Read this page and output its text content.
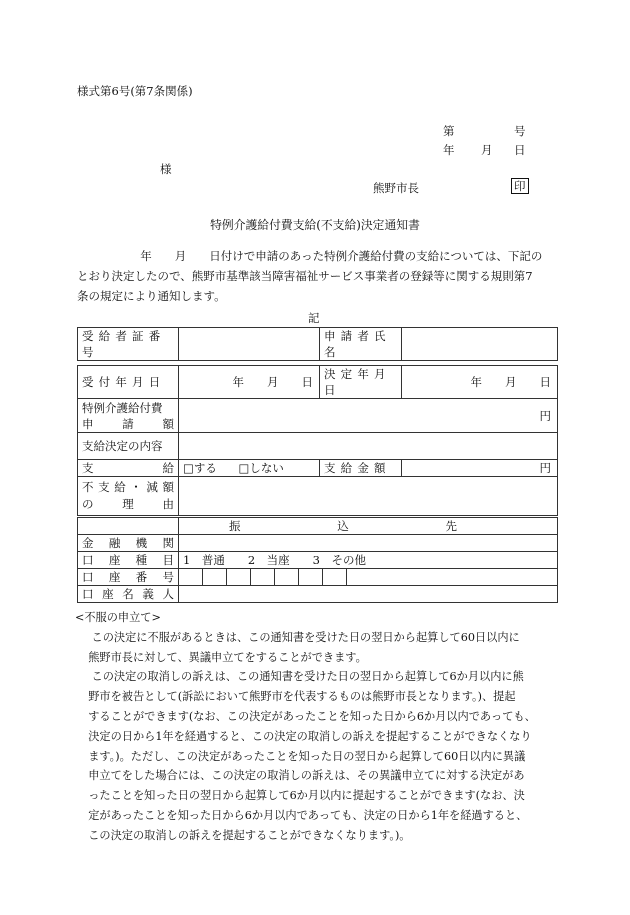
様式第6号(第7条関係)
第	号
年 月 日
様
熊野市長	印
特例介護給付費支給(不支給)決定通知書

年　　月　　日付けで申請のあった特例介護給付費の支給については、下記の

とおり決定したので、熊野市基準該当障害福祉サービス事業者の登録等に関する規則第7

条の規定により通知します。

記
受給者証番号		申請者氏名	
受付年月日	年　　月　　日	決定年月日	年　　月　　日

特例介護給付費
申 請 額	円		
支給決定の内容			

支 給	□する □しない	支給金額	円

不支給・減額
の 理 由			

	振 込 先							

金融機関								
口座種目	1　普通　　2　当座　　3　その他							
口座番号								
口座名義人								

<不服の申立て>

この決定に不服があるときは、この通知書を受けた日の翌日から起算して60日以内に

熊野市長に対して、異議申立てをすることができます。

この決定の取消しの訴えは、この通知書を受けた日の翌日から起算して6か月以内に熊

野市を被告として(訴訟において熊野市を代表するものは熊野市長となります。)、提起

することができます(なお、この決定があったことを知った日から6か月以内であっても、

決定の日から1年を経過すると、この決定の取消しの訴えを提起することができなくなり

ます。)。ただし、この決定があったことを知った日の翌日から起算して60日以内に異議

申立てをした場合には、この決定の取消しの訴えは、その異議申立てに対する決定があ

ったことを知った日の翌日から起算して6か月以内に提起することができます(なお、決

定があったことを知った日から6か月以内であっても、決定の日から1年を経過すると、

この決定の取消しの訴えを提起することができなくなります。)。
